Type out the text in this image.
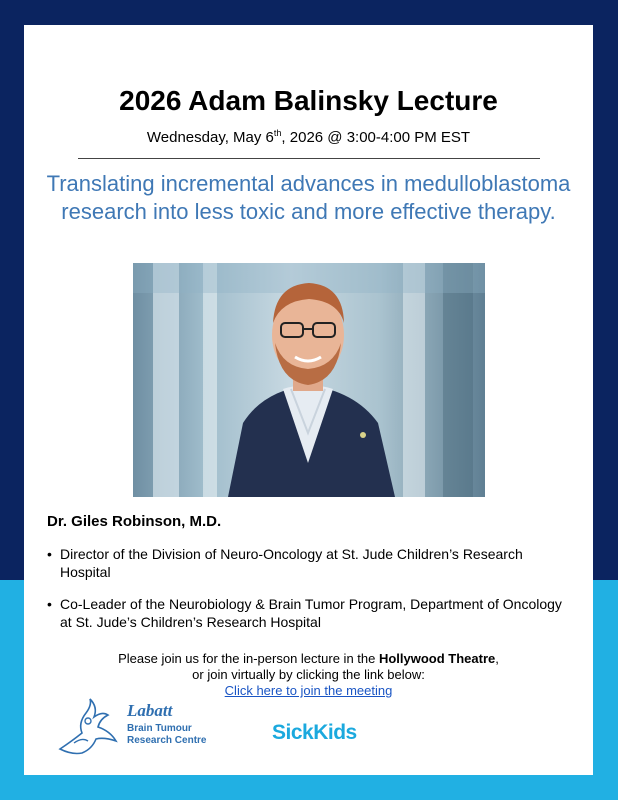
2026 Adam Balinsky Lecture
Wednesday, May 6th, 2026 @ 3:00-4:00 PM EST
Translating incremental advances in medulloblastoma research into less toxic and more effective therapy.
Dr. Giles Robinson, M.D.
• Director of the Division of Neuro-Oncology at St. Jude Children’s Research Hospital
• Co-Leader of the Neurobiology & Brain Tumor Program, Department of Oncology at St. Jude’s Children’s Research Hospital
Please join us for the in-person lecture in the Hollywood Theatre,
or join virtually by clicking the link below:
Click here to join the meeting
Labatt
Brain Tumour
Research Centre	SickKids
